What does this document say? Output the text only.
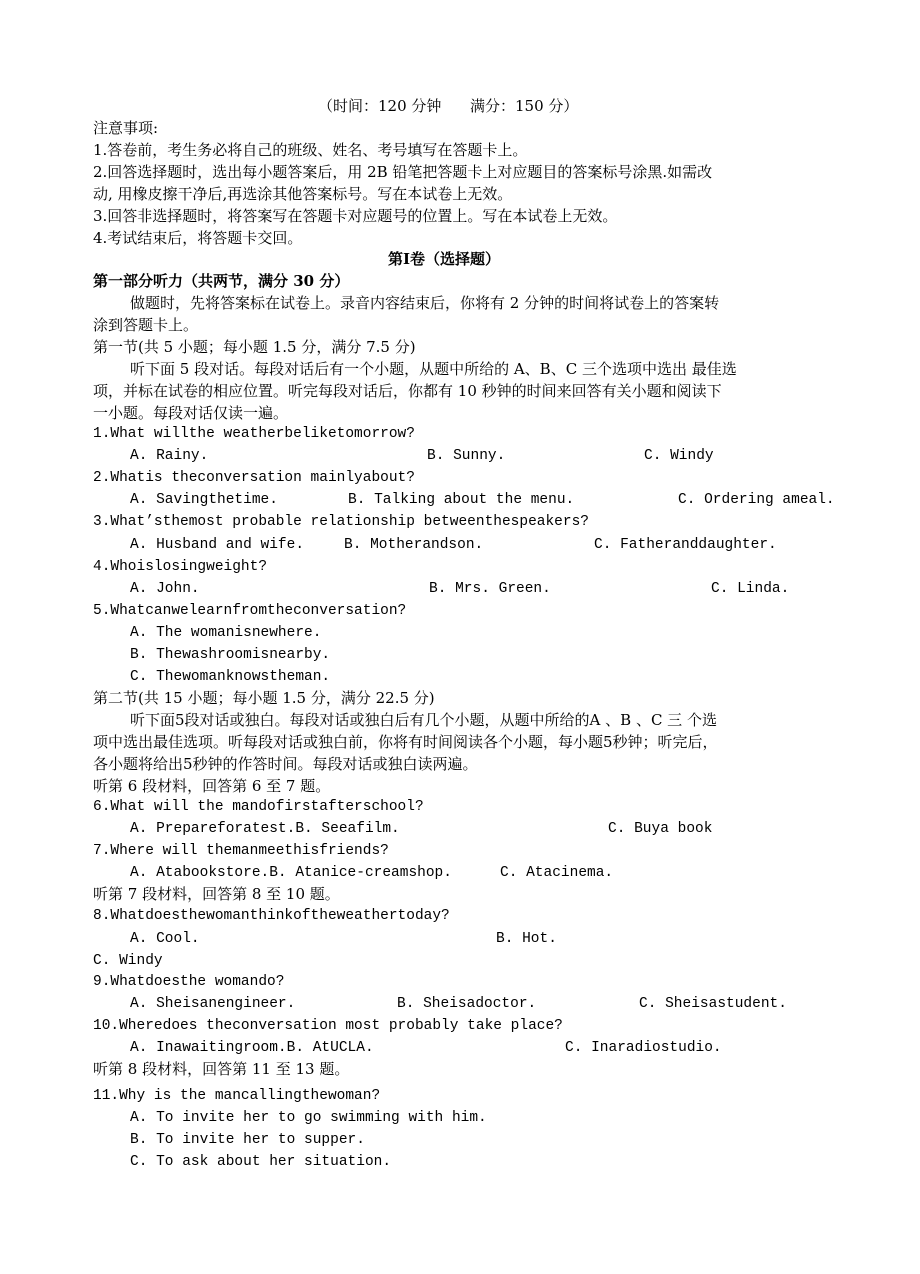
（时间：120 分钟      满分：150 分）
注意事项:
1.答卷前，考生务必将自己的班级、姓名、考号填写在答题卡上。
2.回答选择题时，选出每小题答案后，用 2B 铅笔把答题卡上对应题目的答案标号涂黑.如需改
动, 用橡皮擦干净后,再选涂其他答案标号。写在本试卷上无效。
3.回答非选择题时，将答案写在答题卡对应题号的位置上。写在本试卷上无效。
4.考试结束后，将答题卡交回。
第Ⅰ卷（选择题）
第一部分听力（共两节，满分 30 分）
做题时，先将答案标在试卷上。录音内容结束后，你将有 2 分钟的时间将试卷上的答案转
涂到答题卡上。
第一节(共 5 小题；每小题 1.5 分，满分 7.5 分)
听下面 5 段对话。每段对话后有一个小题，从题中所给的 A、B、C 三个选项中选出 最佳选
项，并标在试卷的相应位置。听完每段对话后，你都有 10 秒钟的时间来回答有关小题和阅读下
一小题。每段对话仅读一遍。
1.What willthe weatherbeliketomorrow?
A. Rainy.	B. Sunny.	C. Windy
2.Whatis theconversation mainlyabout?
A. Savingthetime.	B. Talking about the menu.	C. Ordering ameal.
3.What’sthemost probable relationship betweenthespeakers?
A. Husband and wife.	B. Motherandson.	C. Fatheranddaughter.
4.Whoislosingweight?
A. John.	B. Mrs. Green.	C. Linda.
5.Whatcanwelearnfromtheconversation?
A. The womanisnewhere.
B. Thewashroomisnearby.
C. Thewomanknowstheman.
第二节(共 15 小题；每小题 1.5 分，满分 22.5 分)
听下面5段对话或独白。每段对话或独白后有几个小题，从题中所给的A 、B 、C 三 个选
项中选出最佳选项。听每段对话或独白前，你将有时间阅读各个小题，每小题5秒钟；听完后，
各小题将给出5秒钟的作答时间。每段对话或独白读两遍。
听第 6 段材料，回答第 6 至 7 题。
6.What will the mandofirstafterschool?
A. Prepareforatest.B. Seeafilm.	C. Buya book
7.Where will themanmeethisfriends?
A. Atabookstore.B. Atanice-creamshop.	C. Atacinema.
听第 7 段材料，回答第 8 至 10 题。
8.Whatdoesthewomanthinkoftheweathertoday?
A. Cool.	B. Hot.
C. Windy
9.Whatdoesthe womando?
A. Sheisanengineer.	B. Sheisadoctor.	C. Sheisastudent.
10.Wheredoes theconversation most probably take place?
A. Inawaitingroom.B. AtUCLA.	C. Inaradiostudio.
听第 8 段材料，回答第 11 至 13 题。
11.Why is the mancallingthewoman?
A. To invite her to go swimming with him.
B. To invite her to supper.
C. To ask about her situation.
